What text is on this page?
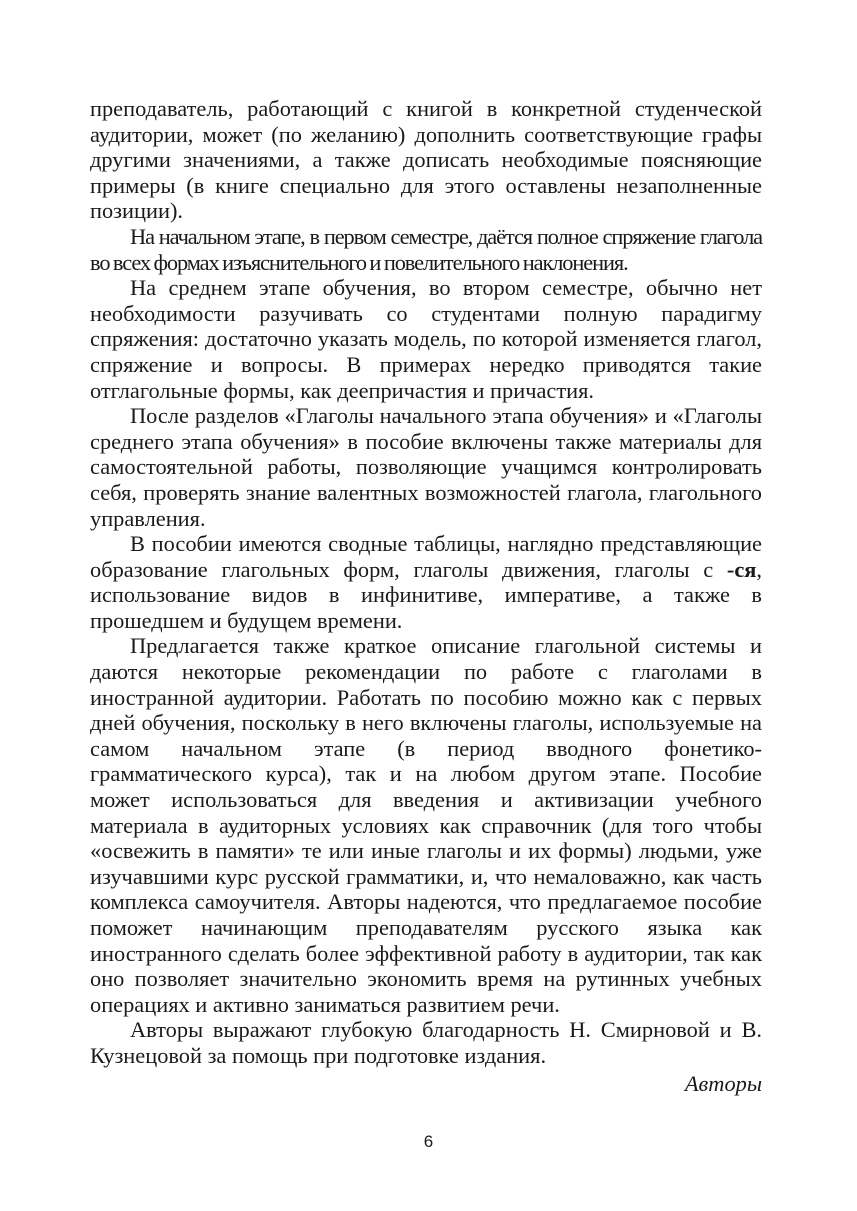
преподаватель, работающий с книгой в конкретной студенческой аудитории, может (по желанию) дополнить соответствующие графы другими значениями, а также дописать необходимые поясняющие примеры (в книге специально для этого оставлены незаполненные позиции).

На начальном этапе, в первом семестре, даётся полное спряжение глагола во всех формах изъяснительного и повелительного наклонения.

На среднем этапе обучения, во втором семестре, обычно нет необходимости разучивать со студентами полную парадигму спряжения: достаточно указать модель, по которой изменяется глагол, спряжение и вопросы. В примерах нередко приводятся такие отглагольные формы, как деепричастия и причастия.

После разделов «Глаголы начального этапа обучения» и «Глаголы среднего этапа обучения» в пособие включены также материалы для самостоятельной работы, позволяющие учащимся контролировать себя, проверять знание валентных возможностей глагола, глагольного управления.

В пособии имеются сводные таблицы, наглядно представляющие образование глагольных форм, глаголы движения, глаголы с -ся, использование видов в инфинитиве, императиве, а также в прошедшем и будущем времени.

Предлагается также краткое описание глагольной системы и даются некоторые рекомендации по работе с глаголами в иностранной аудитории. Работать по пособию можно как с первых дней обучения, поскольку в него включены глаголы, используемые на самом начальном этапе (в период вводного фонетико-грамматического курса), так и на любом другом этапе. Пособие может использоваться для введения и активизации учебного материала в аудиторных условиях как справочник (для того чтобы «освежить в памяти» те или иные глаголы и их формы) людьми, уже изучавшими курс русской грамматики, и, что немаловажно, как часть комплекса самоучителя. Авторы надеются, что предлагаемое пособие поможет начинающим преподавателям русского языка как иностранного сделать более эффективной работу в аудитории, так как оно позволяет значительно экономить время на рутинных учебных операциях и активно заниматься развитием речи.

Авторы выражают глубокую благодарность Н. Смирновой и В. Кузнецовой за помощь при подготовке издания.

Авторы

6
